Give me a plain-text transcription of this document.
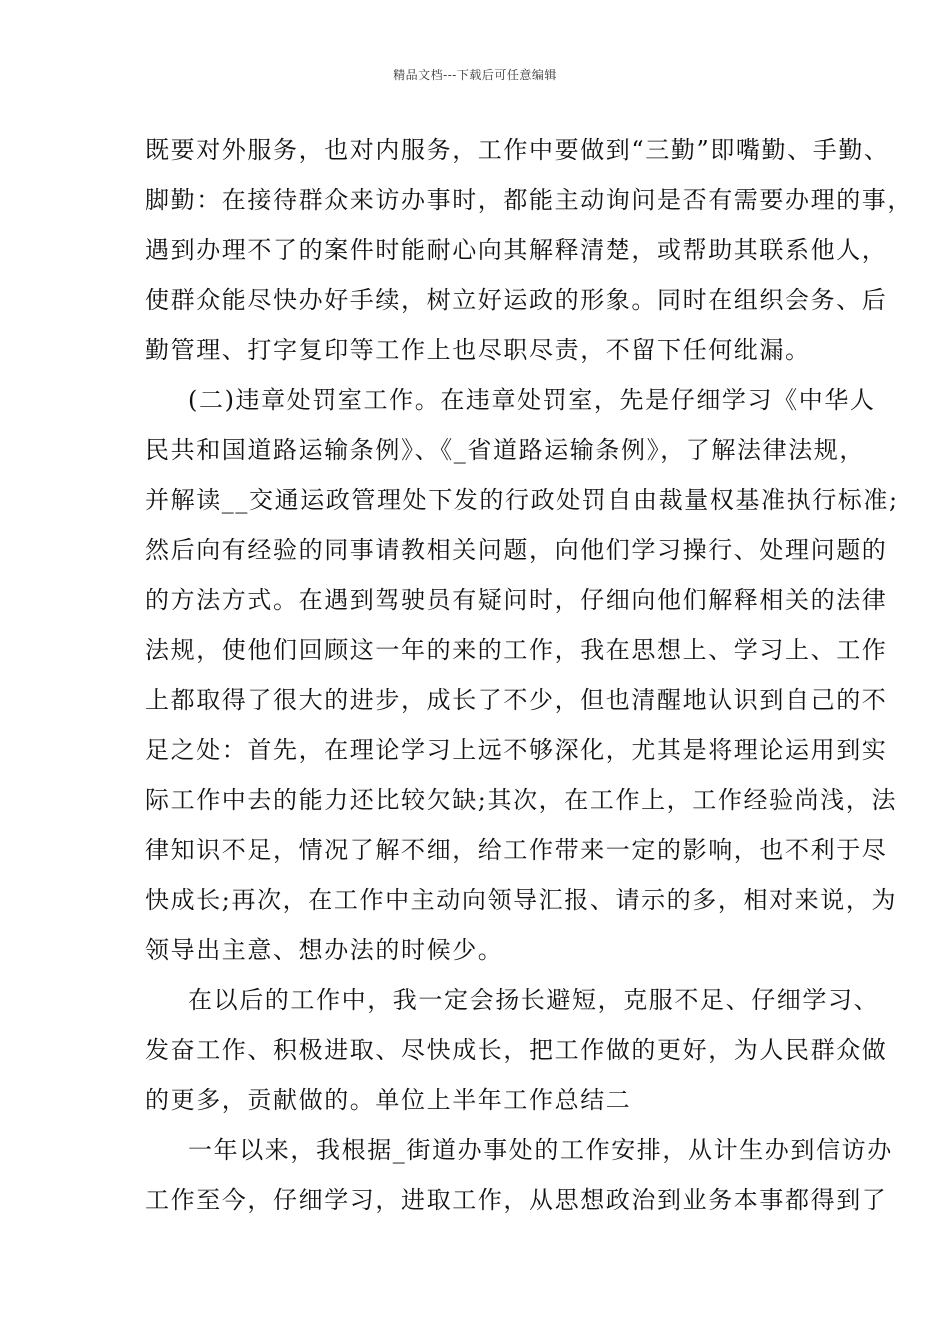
精品文档---下载后可任意编辑
既要对外服务，也对内服务，工作中要做到“三勤”即嘴勤、手勤、
脚勤：在接待群众来访办事时，都能主动询问是否有需要办理的事，
遇到办理不了的案件时能耐心向其解释清楚，或帮助其联系他人，
使群众能尽快办好手续，树立好运政的形象。同时在组织会务、后
勤管理、打字复印等工作上也尽职尽责，不留下任何纰漏。
(二)违章处罚室工作。在违章处罚室，先是仔细学习《中华人
民共和国道路运输条例》、《_省道路运输条例》，了解法律法规，
并解读__交通运政管理处下发的行政处罚自由裁量权基准执行标准;
然后向有经验的同事请教相关问题，向他们学习操行、处理问题的
的方法方式。在遇到驾驶员有疑问时，仔细向他们解释相关的法律
法规，使他们回顾这一年的来的工作，我在思想上、学习上、工作
上都取得了很大的进步，成长了不少，但也清醒地认识到自己的不
足之处：首先，在理论学习上远不够深化，尤其是将理论运用到实
际工作中去的能力还比较欠缺;其次，在工作上，工作经验尚浅，法
律知识不足，情况了解不细，给工作带来一定的影响，也不利于尽
快成长;再次，在工作中主动向领导汇报、请示的多，相对来说，为
领导出主意、想办法的时候少。
在以后的工作中，我一定会扬长避短，克服不足、仔细学习、
发奋工作、积极进取、尽快成长，把工作做的更好，为人民群众做
的更多，贡献做的。单位上半年工作总结二
一年以来，我根据_街道办事处的工作安排，从计生办到信访办
工作至今，仔细学习，进取工作，从思想政治到业务本事都得到了
